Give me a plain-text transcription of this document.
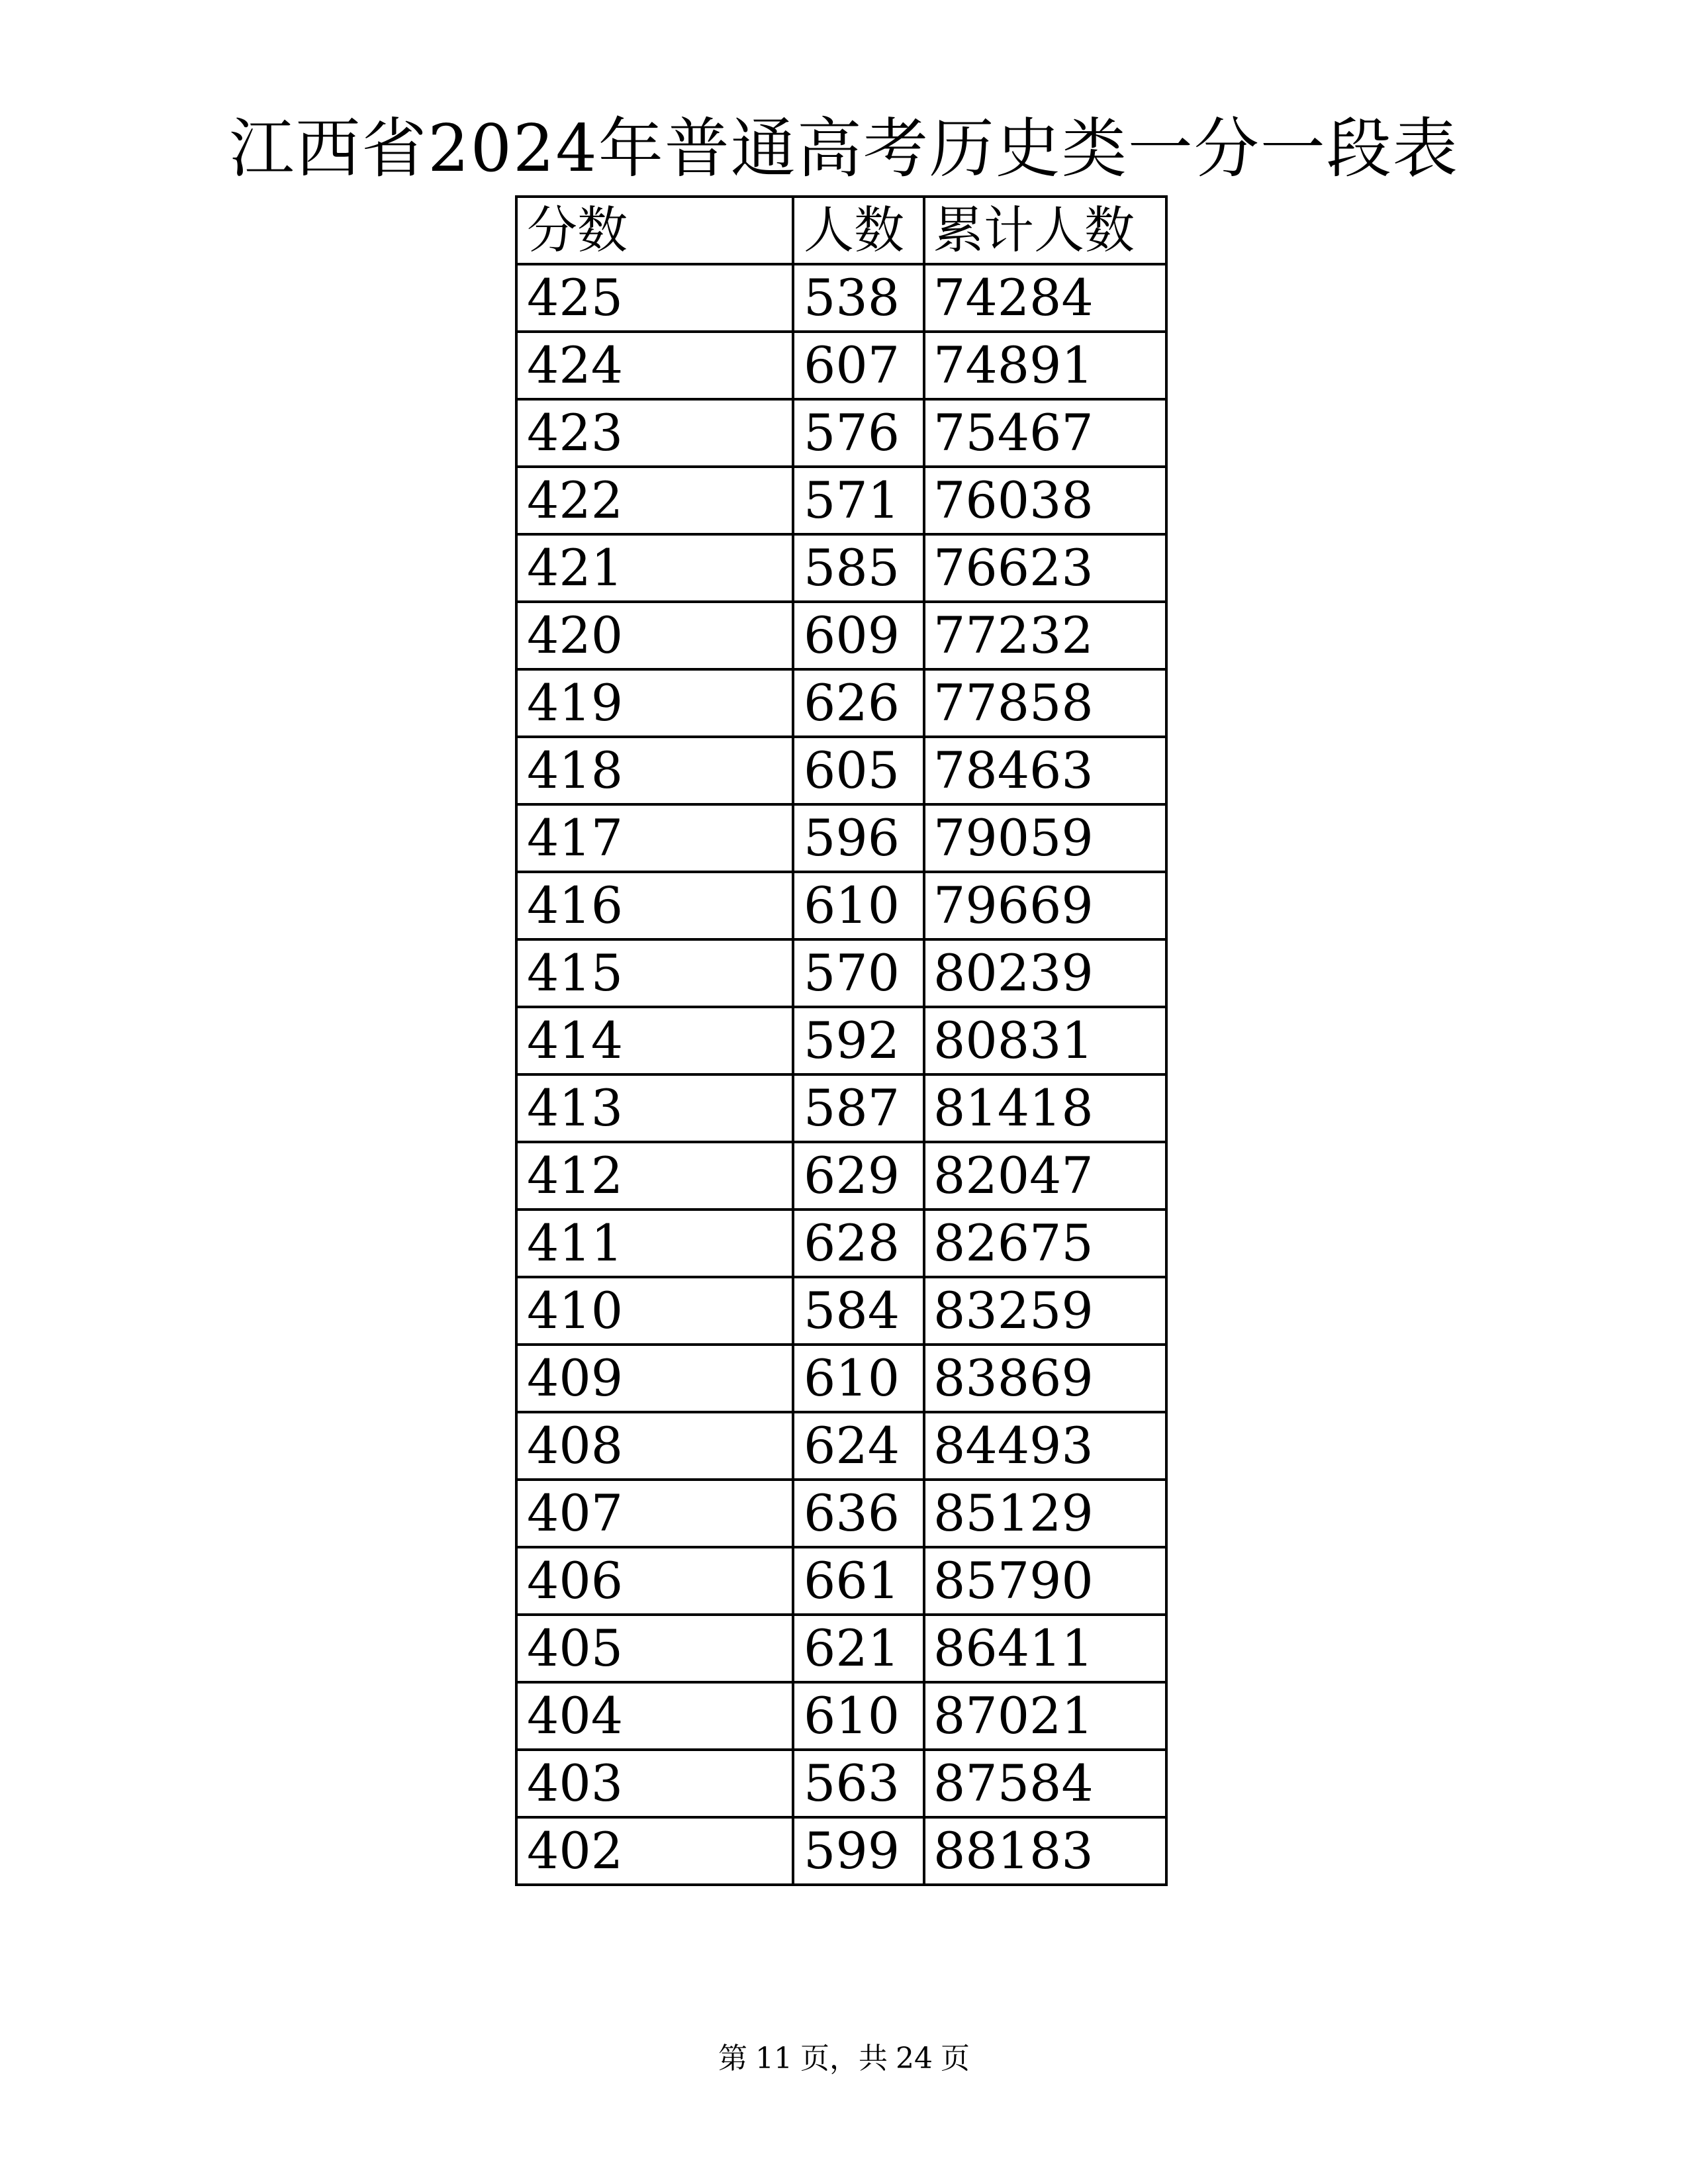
江西省2024年普通高考历史类一分一段表
分数	人数	累计人数
425	538	74284
424	607	74891
423	576	75467
422	571	76038
421	585	76623
420	609	77232
419	626	77858
418	605	78463
417	596	79059
416	610	79669
415	570	80239
414	592	80831
413	587	81418
412	629	82047
411	628	82675
410	584	83259
409	610	83869
408	624	84493
407	636	85129
406	661	85790
405	621	86411
404	610	87021
403	563	87584
402	599	88183
第 11 页，共 24 页
